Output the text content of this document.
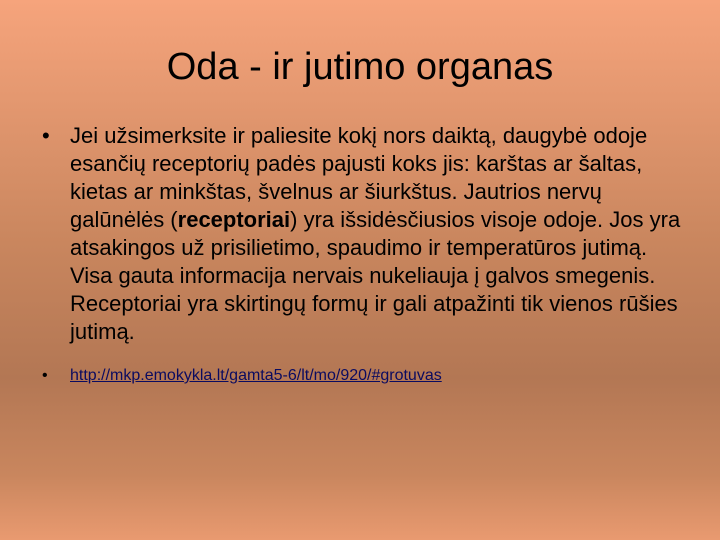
Oda - ir jutimo organas
• Jei užsimerksite ir paliesite kokį nors daiktą, daugybė odoje esančių receptorių padės pajusti koks jis: karštas ar šaltas, kietas ar minkštas, švelnus ar šiurkštus. Jautrios nervų galūnėlės (receptoriai) yra išsidėsčiusios visoje odoje. Jos yra atsakingos už prisilietimo, spaudimo ir temperatūros jutimą. Visa gauta informacija nervais nukeliauja į galvos smegenis. Receptoriai yra skirtingų formų ir gali atpažinti tik vienos rūšies jutimą.
• http://mkp.emokykla.lt/gamta5-6/lt/mo/920/#grotuvas
